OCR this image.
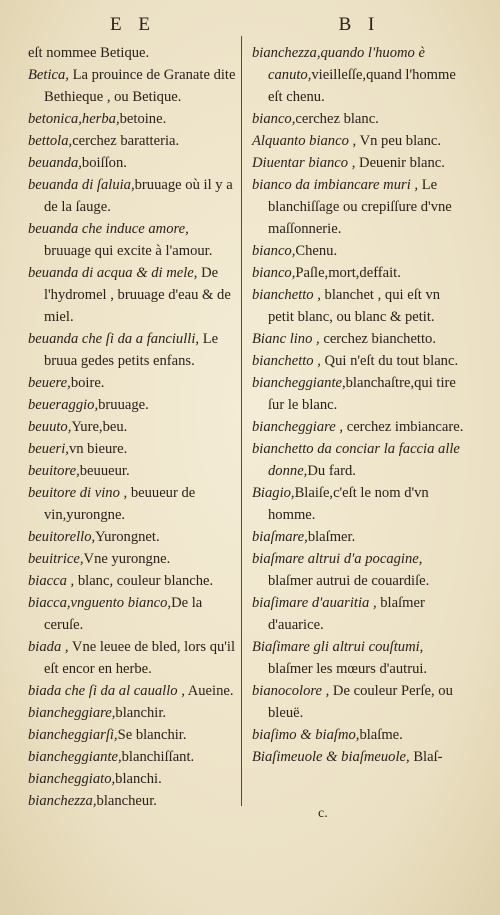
E E
eſt nommee Betique.
Betica, La prouince de Granate dite Bethieque , ou Betique.
betonica,herba,betoine.
bettola,cerchez baratteria.
beuanda,boiſſon.
beuanda di ſaluia,bruuage où il y a de la ſauge.
beuanda che induce amore, bruuage qui excite à l'amour.
beuanda di acqua & di mele, De l'hydromel , bruuage d'eau & de miel.
beuanda che ſi da a fanciulli, Le bruua gedes petits enfans.
beuere,boire.
beueraggio,bruuage.
beuuto,Yure,beu.
beueri,vn bieure.
beuitore,beuueur.
beuitore di vino , beuueur de vin,yurongne.
beuitorello,Yurongnet.
beuitrice,Vne yurongne.
biacca , blanc, couleur blanche.
biacca,vnguento bianco,De la ceruſe.
biada , Vne leuee de bled, lors qu'il eſt encor en herbe.
biada che ſi da al cauallo , Aueine.
biancheggiare,blanchir.
biancheggiarſi,Se blanchir.
biancheggiante,blanchiſſant.
biancheggiato,blanchi.
bianchezza,blancheur.
B I
bianchezza,quando l'huomo è canuto,vieilleſſe,quand l'homme eſt chenu.
bianco,cerchez blanc.
Alquanto bianco , Vn peu blanc.
Diuentar bianco , Deuenir blanc.
bianco da imbiancare muri , Le blanchiſſage ou crepiſſure d'vne maſſonnerie.
bianco,Chenu.
bianco,Paſle,mort,deffait.
bianchetto , blanchet , qui eſt vn petit blanc, ou blanc & petit.
Bianc lino , cerchez bianchetto.
bianchetto , Qui n'eſt du tout blanc.
biancheggiante,blanchaſtre,qui tire ſur le blanc.
biancheggiare , cerchez imbiancare.
bianchetto da conciar la faccia alle donne,Du fard.
Biagio,Blaiſe,c'eſt le nom d'vn homme.
biaſmare,blaſmer.
biaſmare altrui d'a pocagine, blaſmer autrui de couardiſe.
biaſimare d'auaritia , blaſmer d'auarice.
Biaſimare gli altrui couſtumi, blaſmer les mœurs d'autrui.
bianocolore , De couleur Perſe, ou bleuë.
biaſimo & biaſmo,blaſme.
Biaſimeuole & biaſmeuole, Blaſ-
c.
